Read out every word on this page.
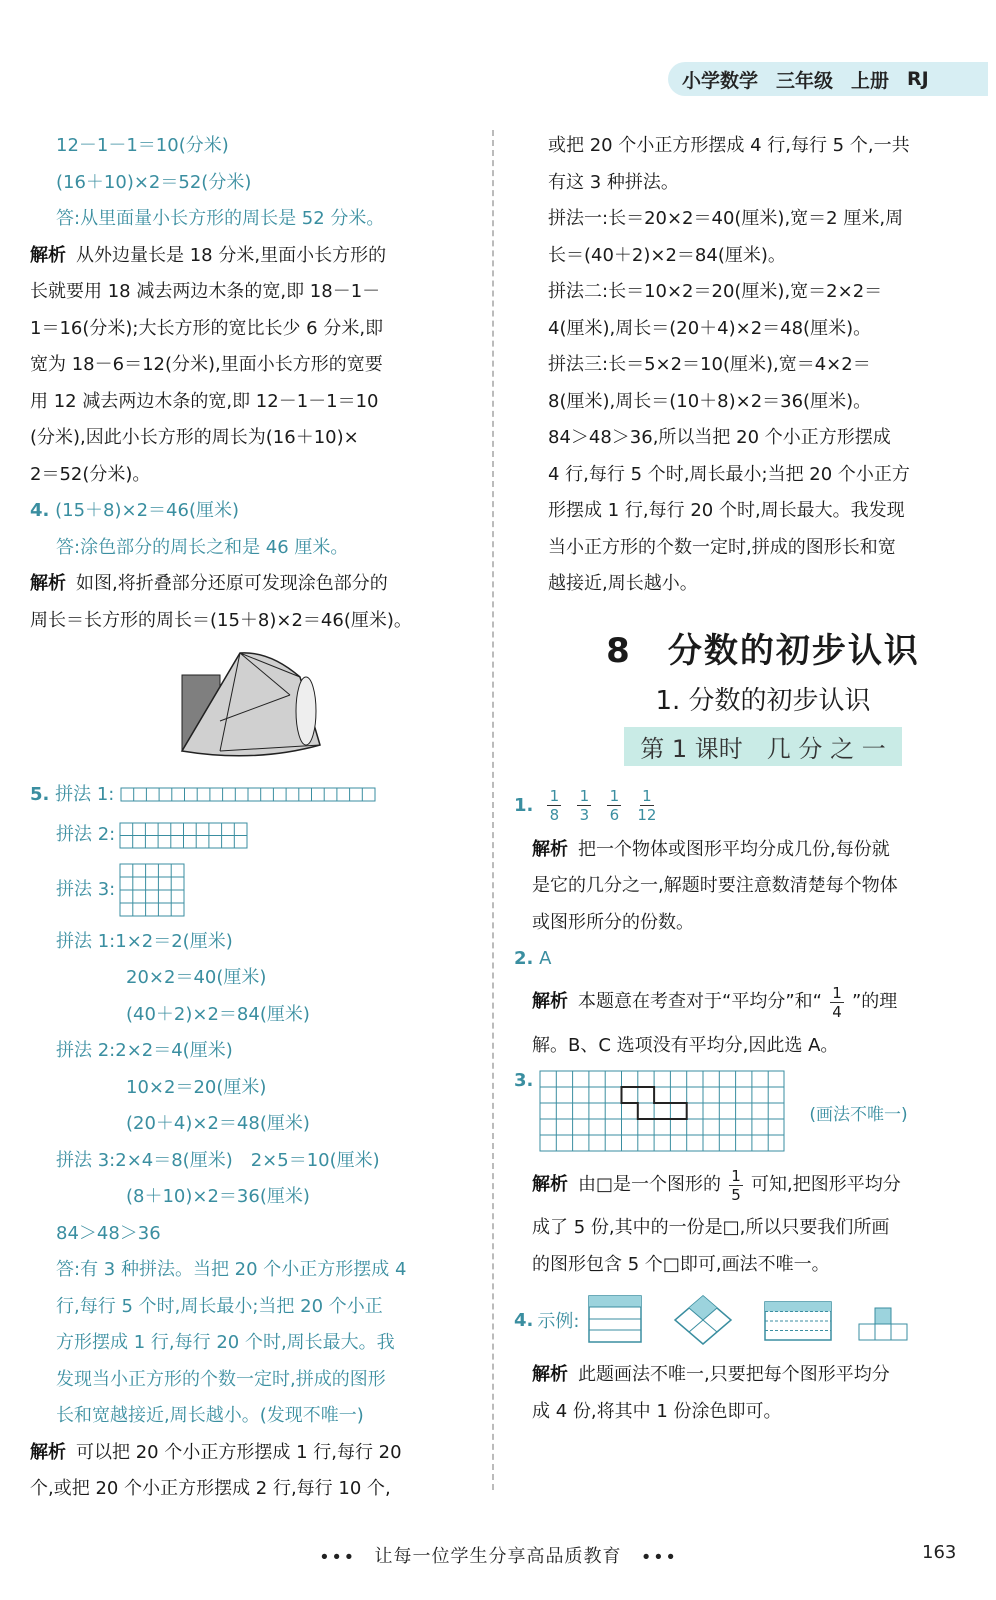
小学数学 三年级 上册 RJ
12－1－1＝10(分米)
(16＋10)×2＝52(分米)
答:从里面量小长方形的周长是 52 分米。
解析 从外边量长是 18 分米,里面小长方形的
长就要用 18 减去两边木条的宽,即 18－1－
1＝16(分米);大长方形的宽比长少 6 分米,即
宽为 18－6＝12(分米),里面小长方形的宽要
用 12 减去两边木条的宽,即 12－1－1＝10
(分米),因此小长方形的周长为(16＋10)×
2＝52(分米)。
4. (15＋8)×2＝46(厘米)
答:涂色部分的周长之和是 46 厘米。
解析 如图,将折叠部分还原可发现涂色部分的
周长＝长方形的周长＝(15＋8)×2＝46(厘米)。
5.
拼法 1:
拼法 2:
拼法 3:
拼法 1:1×2＝2(厘米)
20×2＝40(厘米)
(40＋2)×2＝84(厘米)
拼法 2:2×2＝4(厘米)
10×2＝20(厘米)
(20＋4)×2＝48(厘米)
拼法 3:2×4＝8(厘米)　2×5＝10(厘米)
(8＋10)×2＝36(厘米)
84＞48＞36
答:有 3 种拼法。当把 20 个小正方形摆成 4
行,每行 5 个时,周长最小;当把 20 个小正
方形摆成 1 行,每行 20 个时,周长最大。我
发现当小正方形的个数一定时,拼成的图形
长和宽越接近,周长越小。(发现不唯一)
解析 可以把 20 个小正方形摆成 1 行,每行 20
个,或把 20 个小正方形摆成 2 行,每行 10 个,
或把 20 个小正方形摆成 4 行,每行 5 个,一共
有这 3 种拼法。
拼法一:长＝20×2＝40(厘米),宽＝2 厘米,周
长＝(40＋2)×2＝84(厘米)。
拼法二:长＝10×2＝20(厘米),宽＝2×2＝
4(厘米),周长＝(20＋4)×2＝48(厘米)。
拼法三:长＝5×2＝10(厘米),宽＝4×2＝
8(厘米),周长＝(10＋8)×2＝36(厘米)。
84＞48＞36,所以当把 20 个小正方形摆成
4 行,每行 5 个时,周长最小;当把 20 个小正方
形摆成 1 行,每行 20 个时,周长最大。我发现
当小正方形的个数一定时,拼成的图形长和宽
越接近,周长越小。
8　分数的初步认识
1. 分数的初步认识
第 1 课时　几 分 之 一
1. $\frac{1}{8} \frac{1}{3} \frac{1}{6} \frac{1}{12}$
解析 把一个物体或图形平均分成几份,每份就
是它的几分之一,解题时要注意数清楚每个物体
或图形所分的份数。
2. A
解析 本题意在考查对于“平均分”和“ $\frac{1}{4}$ ”的理
解。B、C 选项没有平均分,因此选 A。
3.
(画法不唯一)
解析 由□是一个图形的 $\frac{1}{5}$ 可知,把图形平均分
成了 5 份,其中的一份是□,所以只要我们所画
的图形包含 5 个□即可,画法不唯一。
4. 示例:
解析 此题画法不唯一,只要把每个图形平均分
成 4 份,将其中 1 份涂色即可。
∙∙∙　让每一位学生分享高品质教育　∙∙∙	163
